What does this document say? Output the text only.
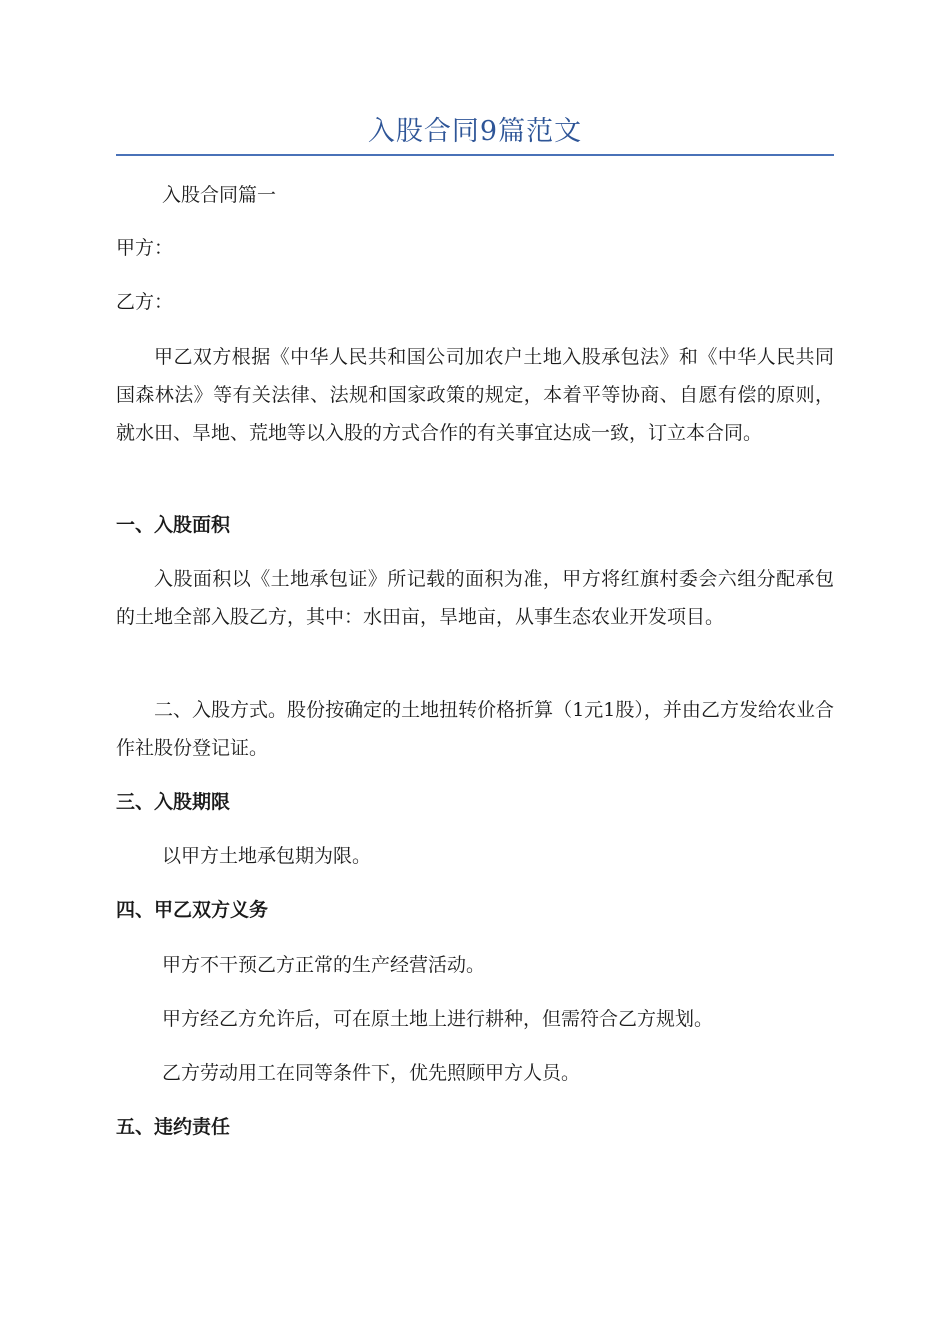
入股合同9篇范文
入股合同篇一
甲方：
乙方：
甲乙双方根据《中华人民共和国公司加农户土地入股承包法》和《中华人民共同国森林法》等有关法律、法规和国家政策的规定，本着平等协商、自愿有偿的原则，就水田、旱地、荒地等以入股的方式合作的有关事宜达成一致，订立本合同。
一、入股面积
入股面积以《土地承包证》所记载的面积为准，甲方将红旗村委会六组分配承包的土地全部入股乙方，其中：水田亩，旱地亩，从事生态农业开发项目。
二、入股方式。股份按确定的土地扭转价格折算（1元1股），并由乙方发给农业合作社股份登记证。
三、入股期限
以甲方土地承包期为限。
四、甲乙双方义务
甲方不干预乙方正常的生产经营活动。
甲方经乙方允许后，可在原土地上进行耕种，但需符合乙方规划。
乙方劳动用工在同等条件下，优先照顾甲方人员。
五、违约责任
